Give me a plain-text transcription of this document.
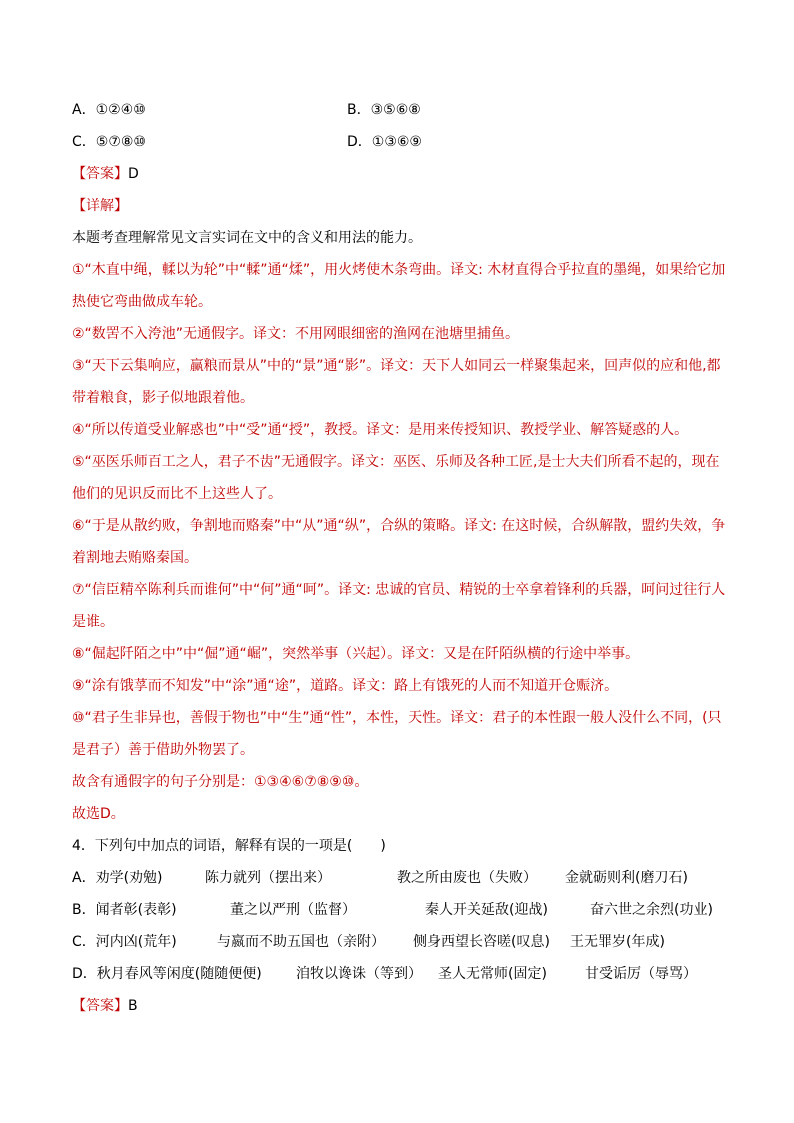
A．①②④⑩	B．③⑤⑥⑧
C．⑤⑦⑧⑩	D．①③⑥⑨
【答案】D
【详解】
本题考查理解常见文言实词在文中的含义和用法的能力。
①“木直中绳，輮以为轮”中“輮”通“煣”，用火烤使木条弯曲。译文: 木材直得合乎拉直的墨绳，如果给它加
热使它弯曲做成车轮。
②“数罟不入洿池”无通假字。译文：不用网眼细密的渔网在池塘里捕鱼。
③“天下云集响应，赢粮而景从”中的“景”通“影”。译文：天下人如同云一样聚集起来，回声似的应和他,都
带着粮食，影子似地跟着他。
④“所以传道受业解惑也”中“受”通“授”，教授。译文：是用来传授知识、教授学业、解答疑惑的人。
⑤“巫医乐师百工之人，君子不齿”无通假字。译文：巫医、乐师及各种工匠,是士大夫们所看不起的，现在
他们的见识反而比不上这些人了。
⑥“于是从散约败，争割地而赂秦”中“从”通“纵”，合纵的策略。译文: 在这时候，合纵解散，盟约失效，争
着割地去贿赂秦国。
⑦“信臣精卒陈利兵而谁何”中“何”通“呵”。译文: 忠诚的官员、精锐的士卒拿着锋利的兵器，呵问过往行人
是谁。
⑧“倔起阡陌之中”中“倔”通“崛”，突然举事（兴起）。译文：又是在阡陌纵横的行途中举事。
⑨“涂有饿莩而不知发”中“涂”通“途”，道路。译文：路上有饿死的人而不知道开仓赈济。
⑩“君子生非异也，善假于物也”中“生”通“性”，本性，天性。译文：君子的本性跟一般人没什么不同，(只
是君子）善于借助外物罢了。
故含有通假字的句子分别是：①③④⑥⑦⑧⑨⑩。
故选D。
4．下列句中加点的词语，解释有误的一项是(　　)
A．劝学(劝勉)	陈力就列（摆出来）	教之所由废也（失败） 金就砺则利(磨刀石)
B．闻者彰(表彰)	董之以严刑（监督）	秦人开关延敌(迎战)	奋六世之余烈(功业)
C．河内凶(荒年)	与嬴而不助五国也（亲附） 侧身西望长咨嗟(叹息) 王无罪岁(年成)
D．秋月春风等闲度(随随便便) 洎牧以谗诛（等到） 圣人无常师(固定)	甘受诟厉（辱骂）
【答案】B
